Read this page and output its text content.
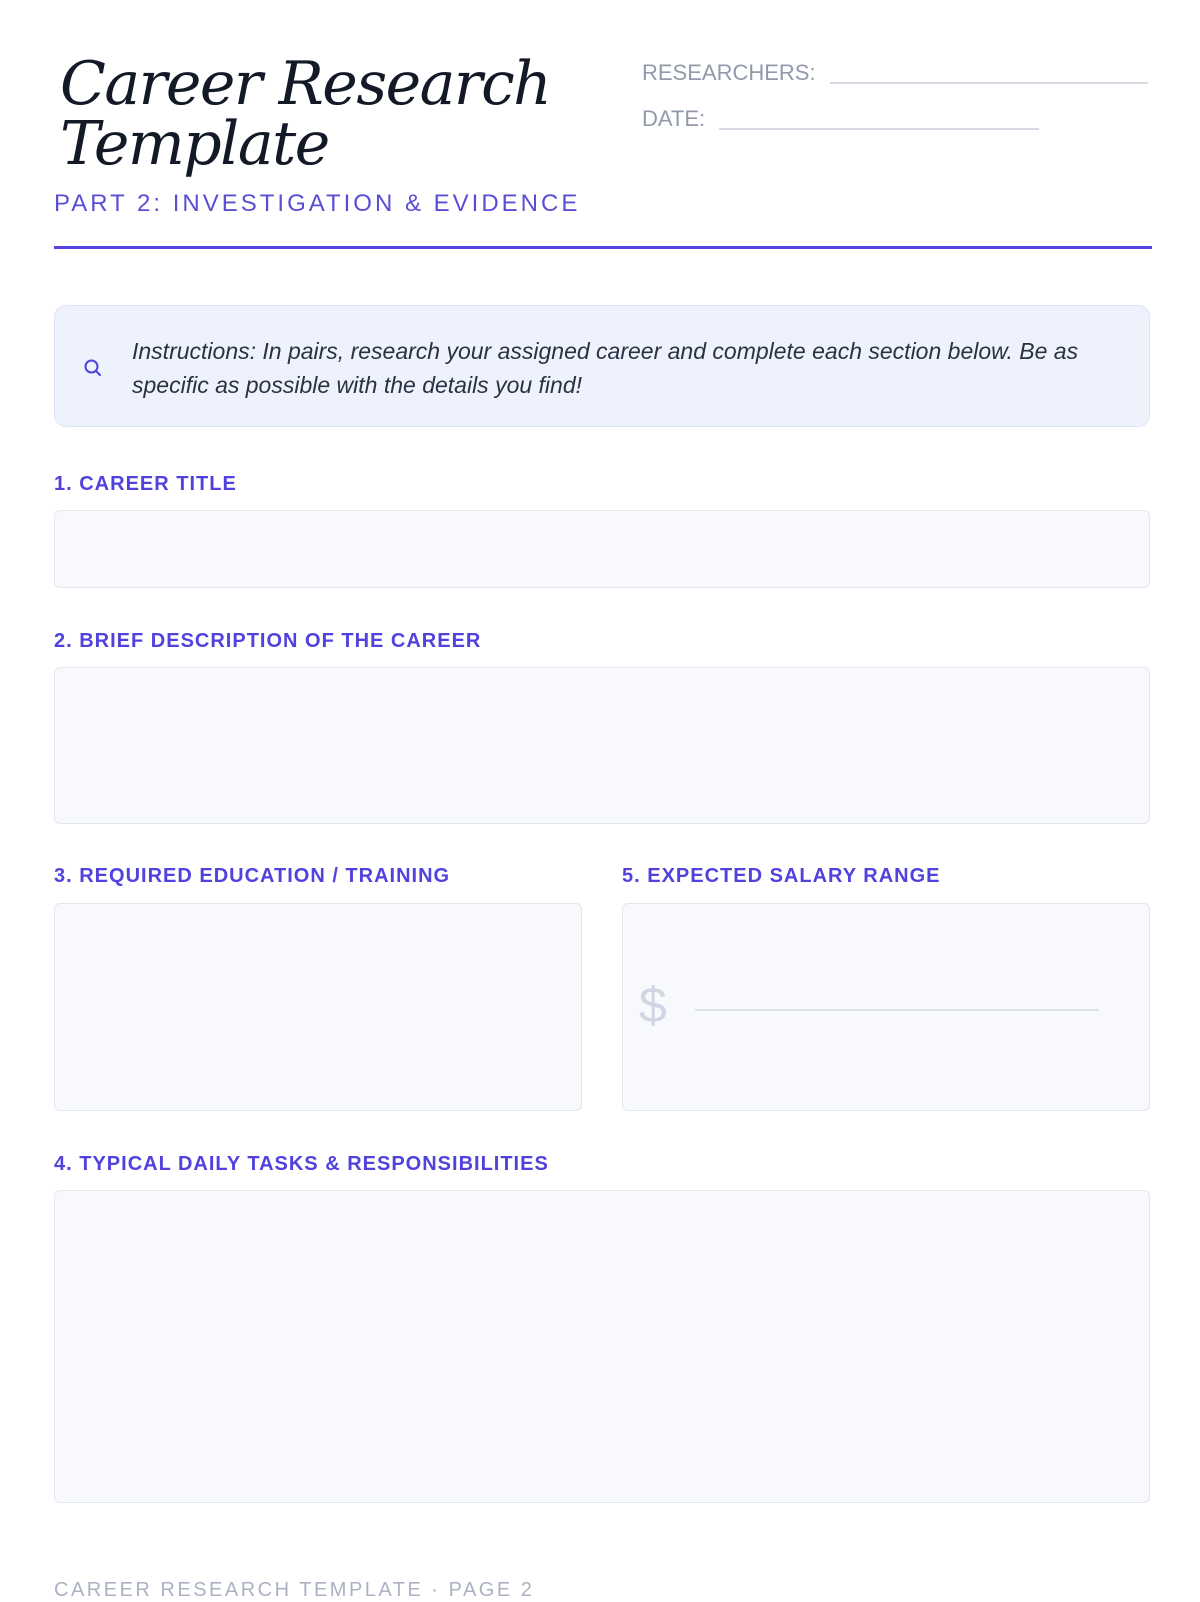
Career Research Template
PART 2: INVESTIGATION & EVIDENCE
RESEARCHERS:
DATE:
Instructions: In pairs, research your assigned career and complete each section below. Be as specific as possible with the details you find!
1. CAREER TITLE
2. BRIEF DESCRIPTION OF THE CAREER
3. REQUIRED EDUCATION / TRAINING	5. EXPECTED SALARY RANGE
$
4. TYPICAL DAILY TASKS & RESPONSIBILITIES
CAREER RESEARCH TEMPLATE · PAGE 2
